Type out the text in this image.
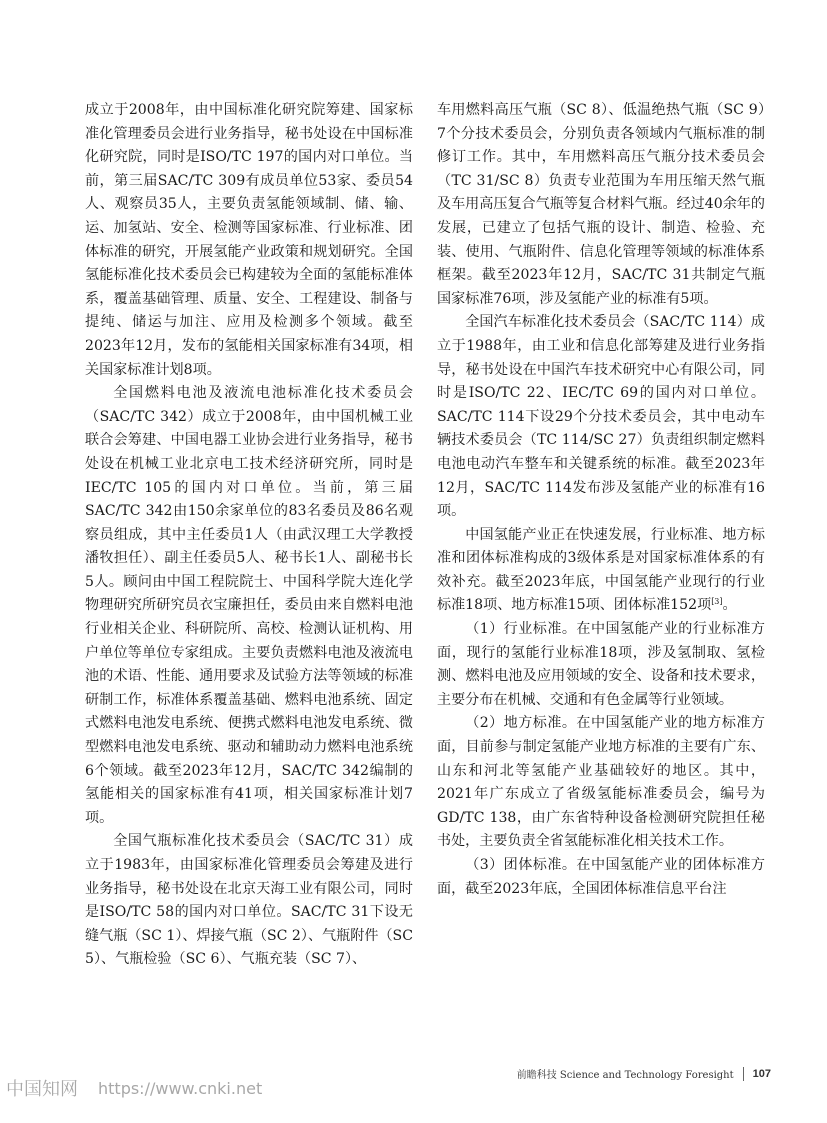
成立于2008年，由中国标准化研究院筹建、国家标准化管理委员会进行业务指导，秘书处设在中国标准化研究院，同时是ISO/TC 197的国内对口单位。当前，第三届SAC/TC 309有成员单位53家、委员54人、观察员35人，主要负责氢能领域制、储、输、运、加氢站、安全、检测等国家标准、行业标准、团体标准的研究，开展氢能产业政策和规划研究。全国氢能标准化技术委员会已构建较为全面的氢能标准体系，覆盖基础管理、质量、安全、工程建设、制备与提纯、储运与加注、应用及检测多个领域。截至2023年12月，发布的氢能相关国家标准有34项，相关国家标准计划8项。

全国燃料电池及液流电池标准化技术委员会（SAC/TC 342）成立于2008年，由中国机械工业联合会筹建、中国电器工业协会进行业务指导，秘书处设在机械工业北京电工技术经济研究所，同时是IEC/TC 105的国内对口单位。当前，第三届SAC/TC 342由150余家单位的83名委员及86名观察员组成，其中主任委员1人（由武汉理工大学教授潘牧担任）、副主任委员5人、秘书长1人、副秘书长5人。顾问由中国工程院院士、中国科学院大连化学物理研究所研究员衣宝廉担任，委员由来自燃料电池行业相关企业、科研院所、高校、检测认证机构、用户单位等单位专家组成。主要负责燃料电池及液流电池的术语、性能、通用要求及试验方法等领域的标准研制工作，标准体系覆盖基础、燃料电池系统、固定式燃料电池发电系统、便携式燃料电池发电系统、微型燃料电池发电系统、驱动和辅助动力燃料电池系统6个领域。截至2023年12月，SAC/TC 342编制的氢能相关的国家标准有41项，相关国家标准计划7项。

全国气瓶标准化技术委员会（SAC/TC 31）成立于1983年，由国家标准化管理委员会筹建及进行业务指导，秘书处设在北京天海工业有限公司，同时是ISO/TC 58的国内对口单位。SAC/TC 31下设无缝气瓶（SC 1）、焊接气瓶（SC 2）、气瓶附件（SC 5）、气瓶检验（SC 6）、气瓶充装（SC 7）、

车用燃料高压气瓶（SC 8）、低温绝热气瓶（SC 9）7个分技术委员会，分别负责各领域内气瓶标准的制修订工作。其中，车用燃料高压气瓶分技术委员会（TC 31/SC 8）负责专业范围为车用压缩天然气瓶及车用高压复合气瓶等复合材料气瓶。经过40余年的发展，已建立了包括气瓶的设计、制造、检验、充装、使用、气瓶附件、信息化管理等领域的标准体系框架。截至2023年12月，SAC/TC 31共制定气瓶国家标准76项，涉及氢能产业的标准有5项。

全国汽车标准化技术委员会（SAC/TC 114）成立于1988年，由工业和信息化部筹建及进行业务指导，秘书处设在中国汽车技术研究中心有限公司，同时是ISO/TC 22、IEC/TC 69的国内对口单位。SAC/TC 114下设29个分技术委员会，其中电动车辆技术委员会（TC 114/SC 27）负责组织制定燃料电池电动汽车整车和关键系统的标准。截至2023年12月，SAC/TC 114发布涉及氢能产业的标准有16项。

中国氢能产业正在快速发展，行业标准、地方标准和团体标准构成的3级体系是对国家标准体系的有效补充。截至2023年底，中国氢能产业现行的行业标准18项、地方标准15项、团体标准152项[3]。

（1）行业标准。在中国氢能产业的行业标准方面，现行的氢能行业标准18项，涉及氢制取、氢检测、燃料电池及应用领域的安全、设备和技术要求，主要分布在机械、交通和有色金属等行业领域。

（2）地方标准。在中国氢能产业的地方标准方面，目前参与制定氢能产业地方标准的主要有广东、山东和河北等氢能产业基础较好的地区。其中，2021年广东成立了省级氢能标准委员会，编号为GD/TC 138，由广东省特种设备检测研究院担任秘书处，主要负责全省氢能标准化相关技术工作。

（3）团体标准。在中国氢能产业的团体标准方面，截至2023年底，全国团体标准信息平台注

前瞻科技 Science and Technology Foresight 107
中国知网 https://www.cnki.net
